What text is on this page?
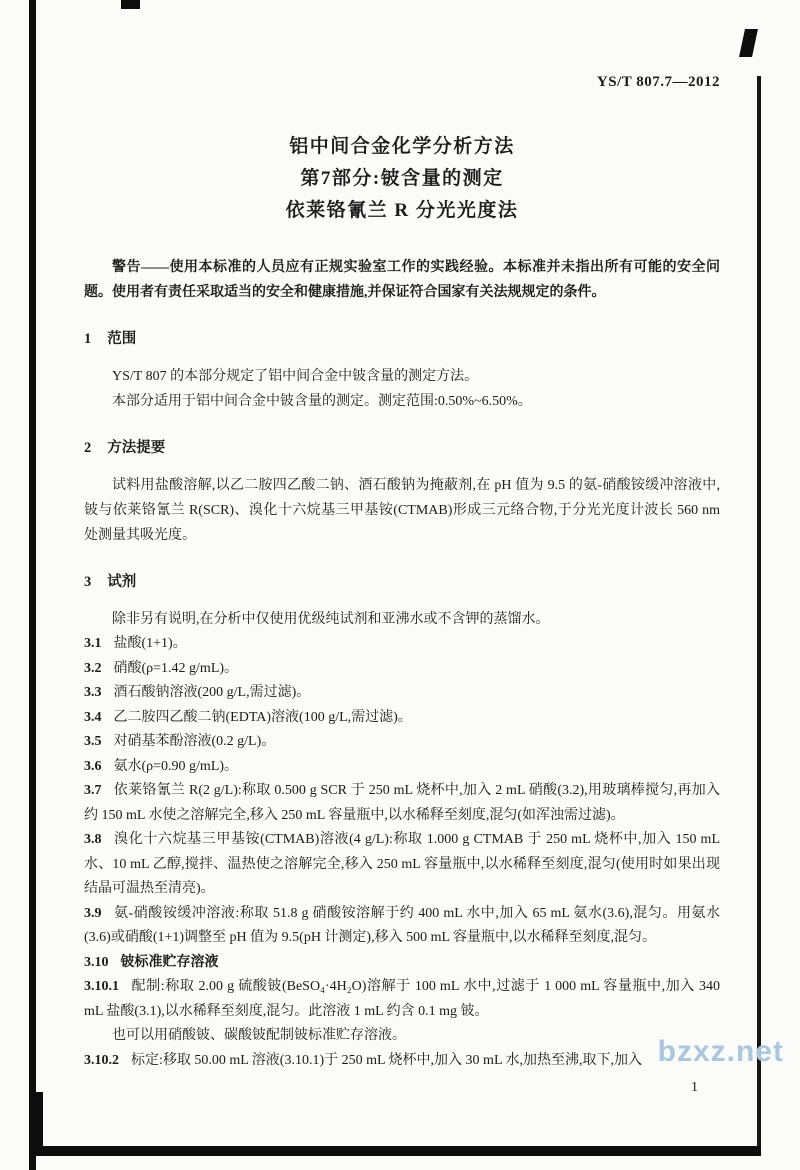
YS/T 807.7—2012
铝中间合金化学分析方法
第7部分:铍含量的测定
依莱铬氰兰 R 分光光度法

警告——使用本标准的人员应有正规实验室工作的实践经验。本标准并未指出所有可能的安全问题。使用者有责任采取适当的安全和健康措施,并保证符合国家有关法规规定的条件。

1 范围

YS/T 807 的本部分规定了铝中间合金中铍含量的测定方法。

本部分适用于铝中间合金中铍含量的测定。测定范围:0.50%~6.50%。

2 方法提要

试料用盐酸溶解,以乙二胺四乙酸二钠、酒石酸钠为掩蔽剂,在 pH 值为 9.5 的氨-硝酸铵缓冲溶液中,铍与依莱铬氰兰 R(SCR)、溴化十六烷基三甲基铵(CTMAB)形成三元络合物,于分光光度计波长 560 nm 处测量其吸光度。

3 试剂

除非另有说明,在分析中仅使用优级纯试剂和亚沸水或不含钾的蒸馏水。

3.1 盐酸(1+1)。

3.2 硝酸(ρ=1.42 g/mL)。

3.3 酒石酸钠溶液(200 g/L,需过滤)。

3.4 乙二胺四乙酸二钠(EDTA)溶液(100 g/L,需过滤)。

3.5 对硝基苯酚溶液(0.2 g/L)。

3.6 氨水(ρ=0.90 g/mL)。

3.7 依莱铬氰兰 R(2 g/L):称取 0.500 g SCR 于 250 mL 烧杯中,加入 2 mL 硝酸(3.2),用玻璃棒搅匀,再加入约 150 mL 水使之溶解完全,移入 250 mL 容量瓶中,以水稀释至刻度,混匀(如浑浊需过滤)。

3.8 溴化十六烷基三甲基铵(CTMAB)溶液(4 g/L):称取 1.000 g CTMAB 于 250 mL 烧杯中,加入 150 mL 水、10 mL 乙醇,搅拌、温热使之溶解完全,移入 250 mL 容量瓶中,以水稀释至刻度,混匀(使用时如果出现结晶可温热至清亮)。

3.9 氨-硝酸铵缓冲溶液:称取 51.8 g 硝酸铵溶解于约 400 mL 水中,加入 65 mL 氨水(3.6),混匀。用氨水(3.6)或硝酸(1+1)调整至 pH 值为 9.5(pH 计测定),移入 500 mL 容量瓶中,以水稀释至刻度,混匀。

3.10 铍标准贮存溶液

3.10.1 配制:称取 2.00 g 硫酸铍(BeSO₄·4H₂O)溶解于 100 mL 水中,过滤于 1 000 mL 容量瓶中,加入 340 mL 盐酸(3.1),以水稀释至刻度,混匀。此溶液 1 mL 约含 0.1 mg 铍。

也可以用硝酸铍、碳酸铍配制铍标准贮存溶液。

3.10.2 标定:移取 50.00 mL 溶液(3.10.1)于 250 mL 烧杯中,加入 30 mL 水,加热至沸,取下,加入 bzxz.net
1
